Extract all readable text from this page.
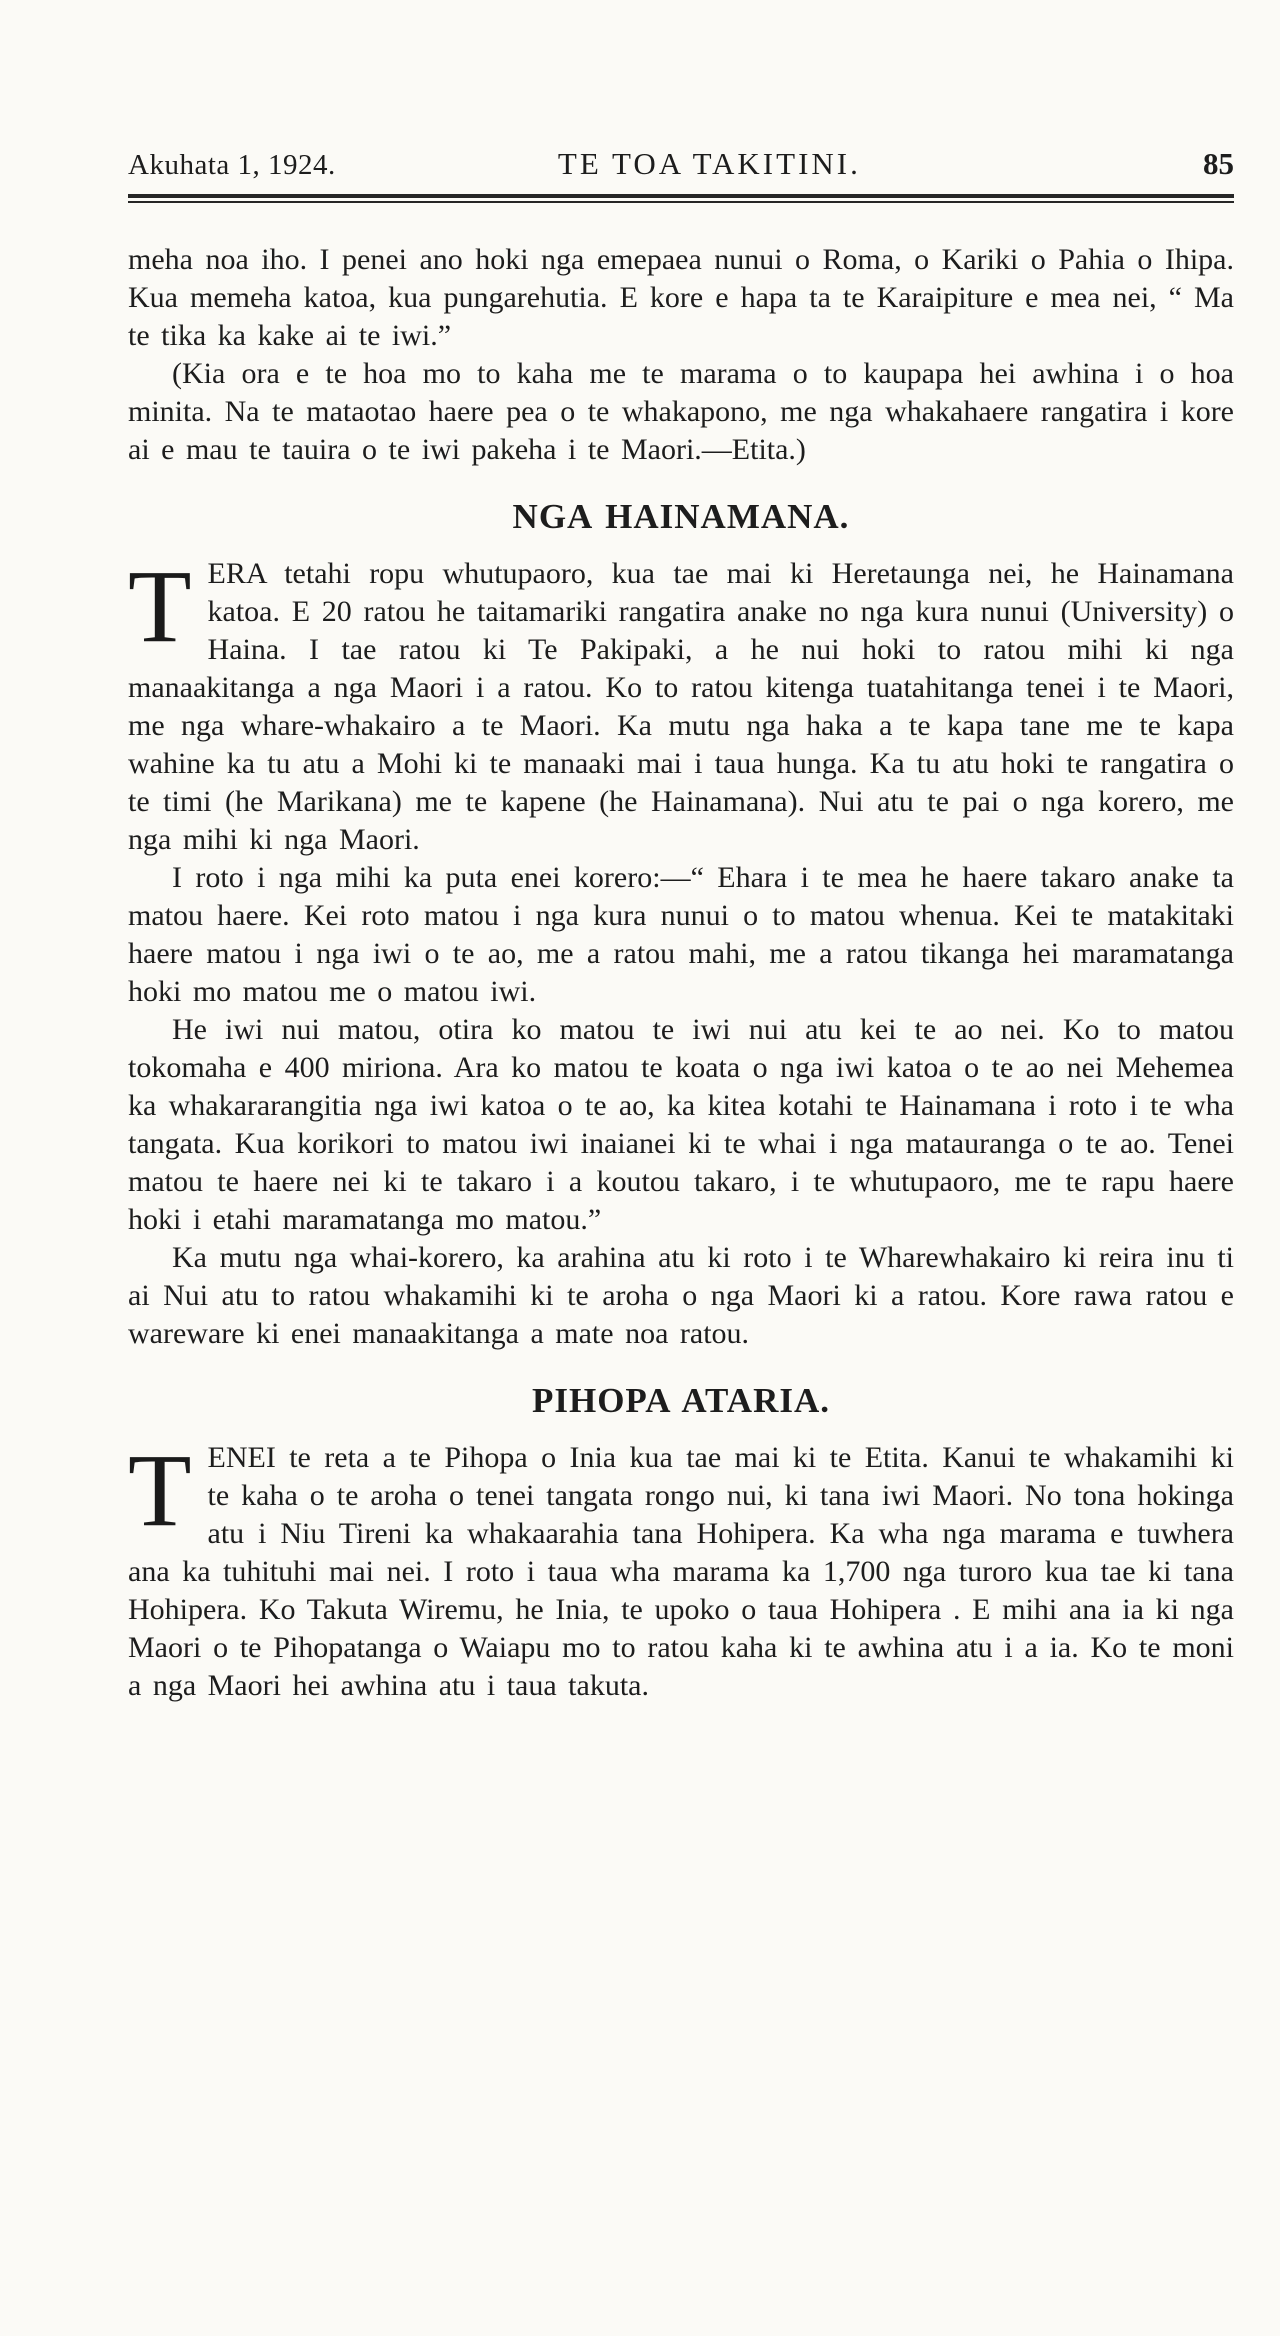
Akuhata 1, 1924.	TE TOA TAKITINI.	85

meha noa iho. I penei ano hoki nga emepaea nunui o Roma, o Kariki o Pahia o Ihipa. Kua memeha katoa, kua pungarehutia. E kore e hapa ta te Karaipiture e mea nei, “ Ma te tika ka kake ai te iwi.”

(Kia ora e te hoa mo to kaha me te marama o to kaupapa hei awhina i o hoa minita. Na te mataotao haere pea o te whakapono, me nga whakahaere rangatira i kore ai e mau te tauira o te iwi pakeha i te Maori.—Etita.)

NGA HAINAMANA.

TERA tetahi ropu whutupaoro, kua tae mai ki Heretaunga nei, he Hainamana katoa. E 20 ratou he taitamariki rangatira anake no nga kura nunui (University) o Haina. I tae ratou ki Te Pakipaki, a he nui hoki to ratou mihi ki nga manaakitanga a nga Maori i a ratou. Ko to ratou kitenga tuatahitanga tenei i te Maori, me nga whare-whakairo a te Maori. Ka mutu nga haka a te kapa tane me te kapa wahine ka tu atu a Mohi ki te manaaki mai i taua hunga. Ka tu atu hoki te rangatira o te timi (he Marikana) me te kapene (he Hainamana). Nui atu te pai o nga korero, me nga mihi ki nga Maori.

I roto i nga mihi ka puta enei korero:—“ Ehara i te mea he haere takaro anake ta matou haere. Kei roto matou i nga kura nunui o to matou whenua. Kei te matakitaki haere matou i nga iwi o te ao, me a ratou mahi, me a ratou tikanga hei maramatanga hoki mo matou me o matou iwi.

He iwi nui matou, otira ko matou te iwi nui atu kei te ao nei. Ko to matou tokomaha e 400 miriona. Ara ko matou te koata o nga iwi katoa o te ao nei Mehemea ka whakararangitia nga iwi katoa o te ao, ka kitea kotahi te Hainamana i roto i te wha tangata. Kua korikori to matou iwi inaianei ki te whai i nga matauranga o te ao. Tenei matou te haere nei ki te takaro i a koutou takaro, i te whutupaoro, me te rapu haere hoki i etahi maramatanga mo matou.”

Ka mutu nga whai-korero, ka arahina atu ki roto i te Wharewhakairo ki reira inu ti ai Nui atu to ratou whakamihi ki te aroha o nga Maori ki a ratou. Kore rawa ratou e wareware ki enei manaakitanga a mate noa ratou.

PIHOPA ATARIA.

TENEI te reta a te Pihopa o Inia kua tae mai ki te Etita. Kanui te whakamihi ki te kaha o te aroha o tenei tangata rongo nui, ki tana iwi Maori. No tona hokinga atu i Niu Tireni ka whakaarahia tana Hohipera. Ka wha nga marama e tuwhera ana ka tuhituhi mai nei. I roto i taua wha marama ka 1,700 nga turoro kua tae ki tana Hohipera. Ko Takuta Wiremu, he Inia, te upoko o taua Hohipera . E mihi ana ia ki nga Maori o te Pihopatanga o Waiapu mo to ratou kaha ki te awhina atu i a ia. Ko te moni a nga Maori hei awhina atu i taua takuta.
